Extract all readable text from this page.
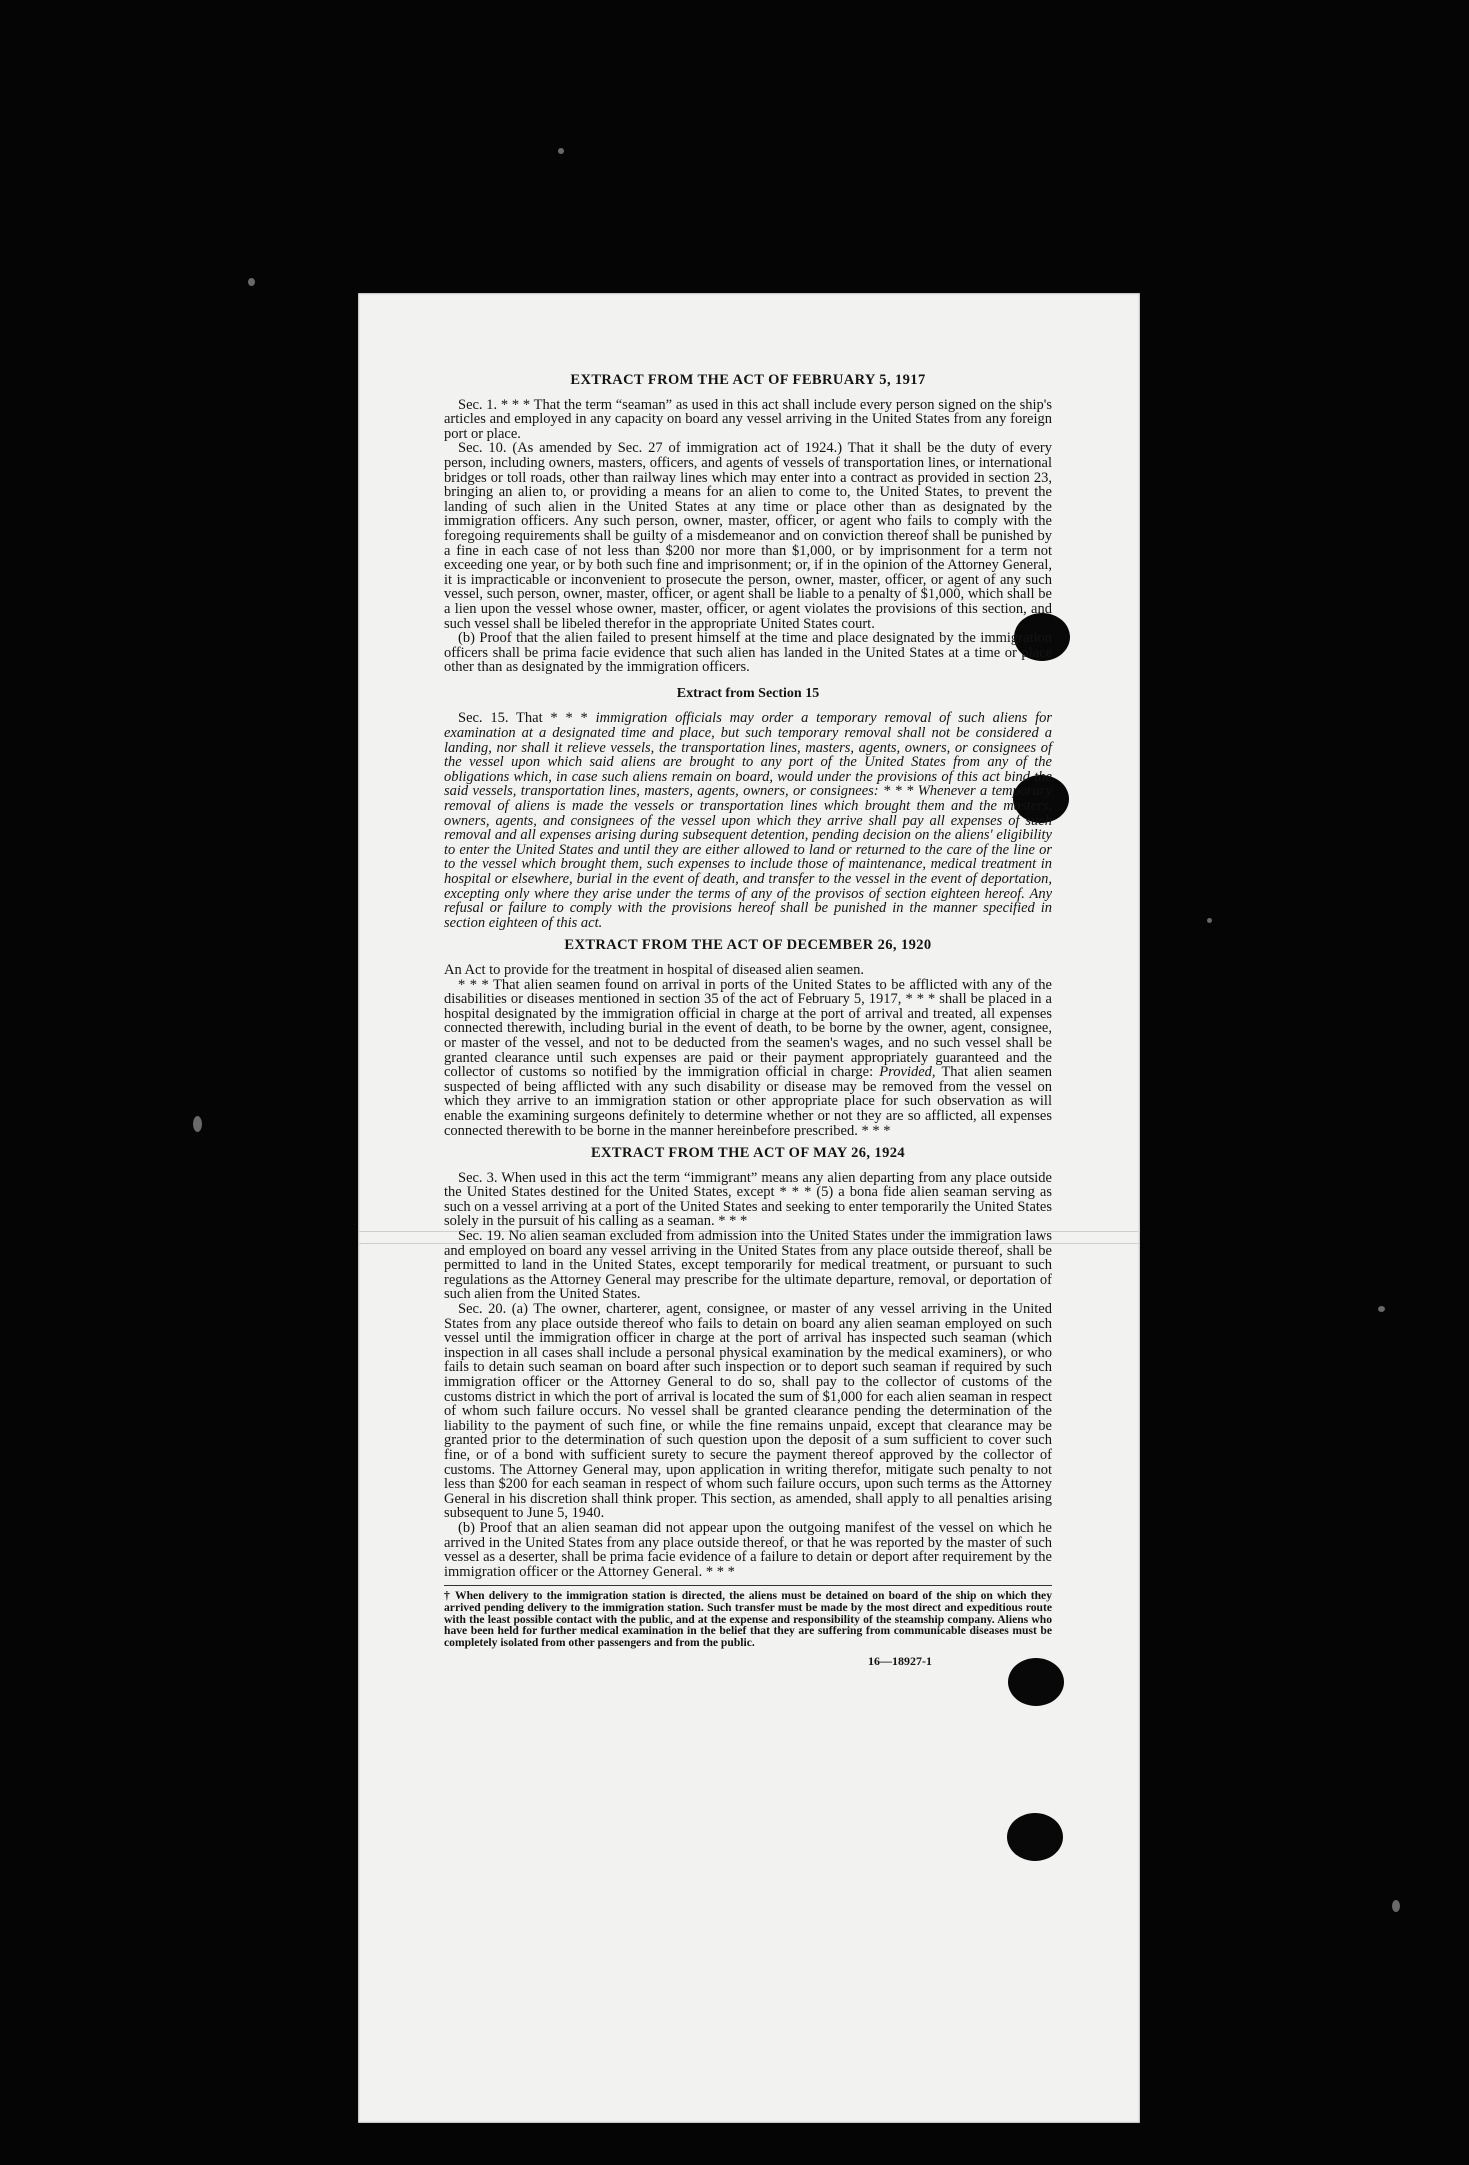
EXTRACT FROM THE ACT OF FEBRUARY 5, 1917

Sec. 1. * * * That the term “seaman” as used in this act shall include every person signed on the ship's articles and employed in any capacity on board any vessel arriving in the United States from any foreign port or place.

Sec. 10. (As amended by Sec. 27 of immigration act of 1924.) That it shall be the duty of every person, including owners, masters, officers, and agents of vessels of transportation lines, or international bridges or toll roads, other than railway lines which may enter into a contract as provided in section 23, bringing an alien to, or providing a means for an alien to come to, the United States, to prevent the landing of such alien in the United States at any time or place other than as designated by the immigration officers. Any such person, owner, master, officer, or agent who fails to comply with the foregoing requirements shall be guilty of a misdemeanor and on conviction thereof shall be punished by a fine in each case of not less than $200 nor more than $1,000, or by imprisonment for a term not exceeding one year, or by both such fine and imprisonment; or, if in the opinion of the Attorney General, it is impracticable or inconvenient to prosecute the person, owner, master, officer, or agent of any such vessel, such person, owner, master, officer, or agent shall be liable to a penalty of $1,000, which shall be a lien upon the vessel whose owner, master, officer, or agent violates the provisions of this section, and such vessel shall be libeled therefor in the appropriate United States court.

(b) Proof that the alien failed to present himself at the time and place designated by the immigration officers shall be prima facie evidence that such alien has landed in the United States at a time or place other than as designated by the immigration officers.

Extract from Section 15

Sec. 15. That * * * immigration officials may order a temporary removal of such aliens for examination at a designated time and place, but such temporary removal shall not be considered a landing, nor shall it relieve vessels, the transportation lines, masters, agents, owners, or consignees of the vessel upon which said aliens are brought to any port of the United States from any of the obligations which, in case such aliens remain on board, would under the provisions of this act bind the said vessels, transportation lines, masters, agents, owners, or consignees: * * * Whenever a temporary removal of aliens is made the vessels or transportation lines which brought them and the masters, owners, agents, and consignees of the vessel upon which they arrive shall pay all expenses of such removal and all expenses arising during subsequent detention, pending decision on the aliens' eligibility to enter the United States and until they are either allowed to land or returned to the care of the line or to the vessel which brought them, such expenses to include those of maintenance, medical treatment in hospital or elsewhere, burial in the event of death, and transfer to the vessel in the event of deportation, excepting only where they arise under the terms of any of the provisos of section eighteen hereof. Any refusal or failure to comply with the provisions hereof shall be punished in the manner specified in section eighteen of this act.

EXTRACT FROM THE ACT OF DECEMBER 26, 1920

An Act to provide for the treatment in hospital of diseased alien seamen.

* * * That alien seamen found on arrival in ports of the United States to be afflicted with any of the disabilities or diseases mentioned in section 35 of the act of February 5, 1917, * * * shall be placed in a hospital designated by the immigration official in charge at the port of arrival and treated, all expenses connected therewith, including burial in the event of death, to be borne by the owner, agent, consignee, or master of the vessel, and not to be deducted from the seamen's wages, and no such vessel shall be granted clearance until such expenses are paid or their payment appropriately guaranteed and the collector of customs so notified by the immigration official in charge: Provided, That alien seamen suspected of being afflicted with any such disability or disease may be removed from the vessel on which they arrive to an immigration station or other appropriate place for such observation as will enable the examining surgeons definitely to determine whether or not they are so afflicted, all expenses connected therewith to be borne in the manner hereinbefore prescribed. * * *

EXTRACT FROM THE ACT OF MAY 26, 1924

Sec. 3. When used in this act the term “immigrant” means any alien departing from any place outside the United States destined for the United States, except * * * (5) a bona fide alien seaman serving as such on a vessel arriving at a port of the United States and seeking to enter temporarily the United States solely in the pursuit of his calling as a seaman. * * *

Sec. 19. No alien seaman excluded from admission into the United States under the immigration laws and employed on board any vessel arriving in the United States from any place outside thereof, shall be permitted to land in the United States, except temporarily for medical treatment, or pursuant to such regulations as the Attorney General may prescribe for the ultimate departure, removal, or deportation of such alien from the United States.

Sec. 20. (a) The owner, charterer, agent, consignee, or master of any vessel arriving in the United States from any place outside thereof who fails to detain on board any alien seaman employed on such vessel until the immigration officer in charge at the port of arrival has inspected such seaman (which inspection in all cases shall include a personal physical examination by the medical examiners), or who fails to detain such seaman on board after such inspection or to deport such seaman if required by such immigration officer or the Attorney General to do so, shall pay to the collector of customs of the customs district in which the port of arrival is located the sum of $1,000 for each alien seaman in respect of whom such failure occurs. No vessel shall be granted clearance pending the determination of the liability to the payment of such fine, or while the fine remains unpaid, except that clearance may be granted prior to the determination of such question upon the deposit of a sum sufficient to cover such fine, or of a bond with sufficient surety to secure the payment thereof approved by the collector of customs. The Attorney General may, upon application in writing therefor, mitigate such penalty to not less than $200 for each seaman in respect of whom such failure occurs, upon such terms as the Attorney General in his discretion shall think proper. This section, as amended, shall apply to all penalties arising subsequent to June 5, 1940.

(b) Proof that an alien seaman did not appear upon the outgoing manifest of the vessel on which he arrived in the United States from any place outside thereof, or that he was reported by the master of such vessel as a deserter, shall be prima facie evidence of a failure to detain or deport after requirement by the immigration officer or the Attorney General. * * *

† When delivery to the immigration station is directed, the aliens must be detained on board of the ship on which they arrived pending delivery to the immigration station. Such transfer must be made by the most direct and expeditious route with the least possible contact with the public, and at the expense and responsibility of the steamship company. Aliens who have been held for further medical examination in the belief that they are suffering from communicable diseases must be completely isolated from other passengers and from the public.
16—18927-1
